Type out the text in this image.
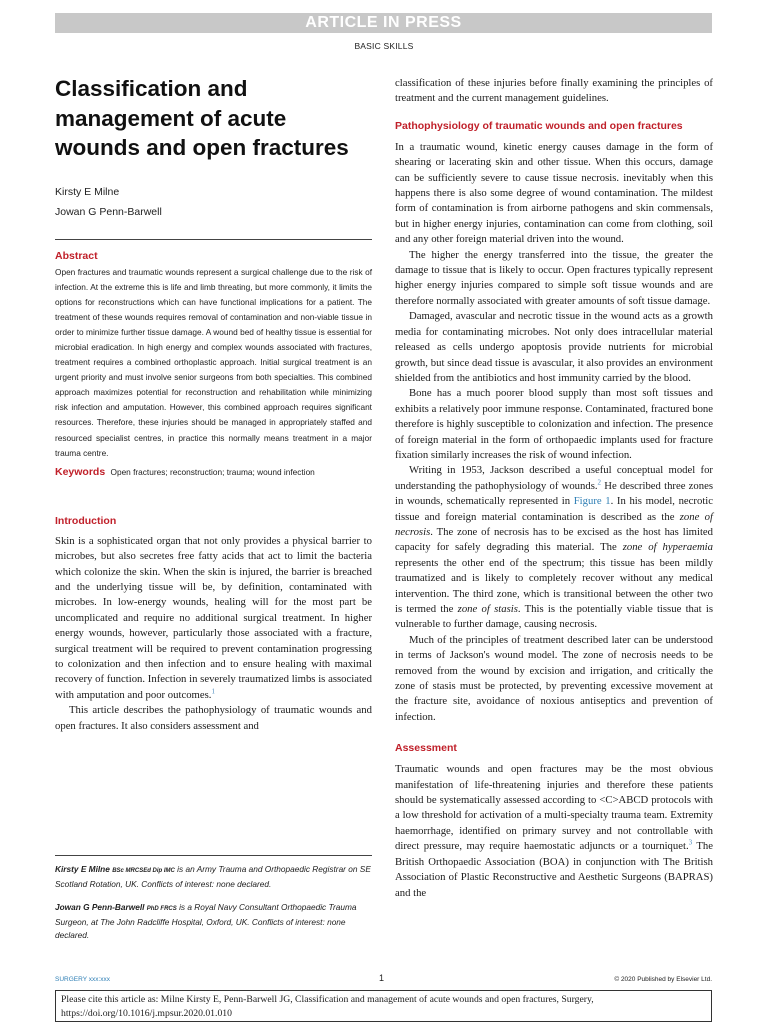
ARTICLE IN PRESS
BASIC SKILLS
Classification and management of acute wounds and open fractures
Kirsty E Milne
Jowan G Penn-Barwell
Abstract

Open fractures and traumatic wounds represent a surgical challenge due to the risk of infection. At the extreme this is life and limb threating, but more commonly, it limits the options for reconstructions which can have functional implications for a patient. The treatment of these wounds requires removal of contamination and non-viable tissue in order to minimize further tissue damage. A wound bed of healthy tissue is essential for microbial eradication. In high energy and complex wounds associated with fractures, treatment requires a combined orthoplastic approach. Initial surgical treatment is an urgent priority and must involve senior surgeons from both specialties. This combined approach maximizes potential for reconstruction and rehabilitation while minimizing risk infection and amputation. However, this combined approach requires significant resources. Therefore, these injuries should be managed in appropriately staffed and resourced specialist centres, in practice this normally means treatment in a major trauma centre.

Keywords Open fractures; reconstruction; trauma; wound infection
Introduction

Skin is a sophisticated organ that not only provides a physical barrier to microbes, but also secretes free fatty acids that act to limit the bacteria which colonize the skin. When the skin is injured, the barrier is breached and the underlying tissue will be, by definition, contaminated with microbes. In low-energy wounds, healing will for the most part be uncomplicated and require no additional surgical treatment. In higher energy wounds, however, particularly those associated with a fracture, surgical treatment will be required to prevent contamination progressing to colonization and then infection and to ensure healing with maximal recovery of function. Infection in severely traumatized limbs is associated with amputation and poor outcomes.$^1$

This article describes the pathophysiology of traumatic wounds and open fractures. It also considers assessment and

Kirsty E Milne BSc MRCSEd Dip IMC is an Army Trauma and Orthopaedic Registrar on SE Scotland Rotation, UK. Conflicts of interest: none declared.

Jowan G Penn-Barwell PhD FRCS is a Royal Navy Consultant Orthopaedic Trauma Surgeon, at The John Radcliffe Hospital, Oxford, UK. Conflicts of interest: none declared.

classification of these injuries before finally examining the principles of treatment and the current management guidelines.

Pathophysiology of traumatic wounds and open fractures

In a traumatic wound, kinetic energy causes damage in the form of shearing or lacerating skin and other tissue. When this occurs, damage can be sufficiently severe to cause tissue necrosis. inevitably when this happens there is also some degree of wound contamination. The mildest form of contamination is from airborne pathogens and skin commensals, but in higher energy injuries, contamination can come from clothing, soil and any other foreign material driven into the wound.

The higher the energy transferred into the tissue, the greater the damage to tissue that is likely to occur. Open fractures typically represent higher energy injuries compared to simple soft tissue wounds and are therefore normally associated with greater amounts of soft tissue damage.

Damaged, avascular and necrotic tissue in the wound acts as a growth media for contaminating microbes. Not only does intracellular material released as cells undergo apoptosis provide nutrients for microbial growth, but since dead tissue is avascular, it also provides an environment shielded from the antibiotics and host immunity carried by the blood.

Bone has a much poorer blood supply than most soft tissues and exhibits a relatively poor immune response. Contaminated, fractured bone therefore is highly susceptible to colonization and infection. The presence of foreign material in the form of orthopaedic implants used for fracture fixation similarly increases the risk of wound infection.

Writing in 1953, Jackson described a useful conceptual model for understanding the pathophysiology of wounds.$^2$ He described three zones in wounds, schematically represented in Figure 1. In his model, necrotic tissue and foreign material contamination is described as the zone of necrosis. The zone of necrosis has to be excised as the host has limited capacity for safely degrading this material. The zone of hyperaemia represents the other end of the spectrum; this tissue has been mildly traumatized and is likely to completely recover without any medical intervention. The third zone, which is transitional between the other two is termed the zone of stasis. This is the potentially viable tissue that is vulnerable to further damage, causing necrosis.

Much of the principles of treatment described later can be understood in terms of Jackson's wound model. The zone of necrosis needs to be removed from the wound by excision and irrigation, and critically the zone of stasis must be protected, by preventing excessive movement at the fracture site, avoidance of noxious antiseptics and prevention of infection.

Assessment

Traumatic wounds and open fractures may be the most obvious manifestation of life-threatening injuries and therefore these patients should be systematically assessed according to <C>ABCD protocols with a low threshold for activation of a multi-specialty trauma team. Extremity haemorrhage, identified on primary survey and not controllable with direct pressure, may require haemostatic adjuncts or a tourniquet.$^3$ The British Orthopaedic Association (BOA) in conjunction with The British Association of Plastic Reconstructive and Aesthetic Surgeons (BAPRAS) and the

SURGERY xxx:xxx	1	© 2020 Published by Elsevier Ltd.
Please cite this article as: Milne Kirsty E, Penn-Barwell JG, Classification and management of acute wounds and open fractures, Surgery, https://doi.org/10.1016/j.mpsur.2020.01.010
